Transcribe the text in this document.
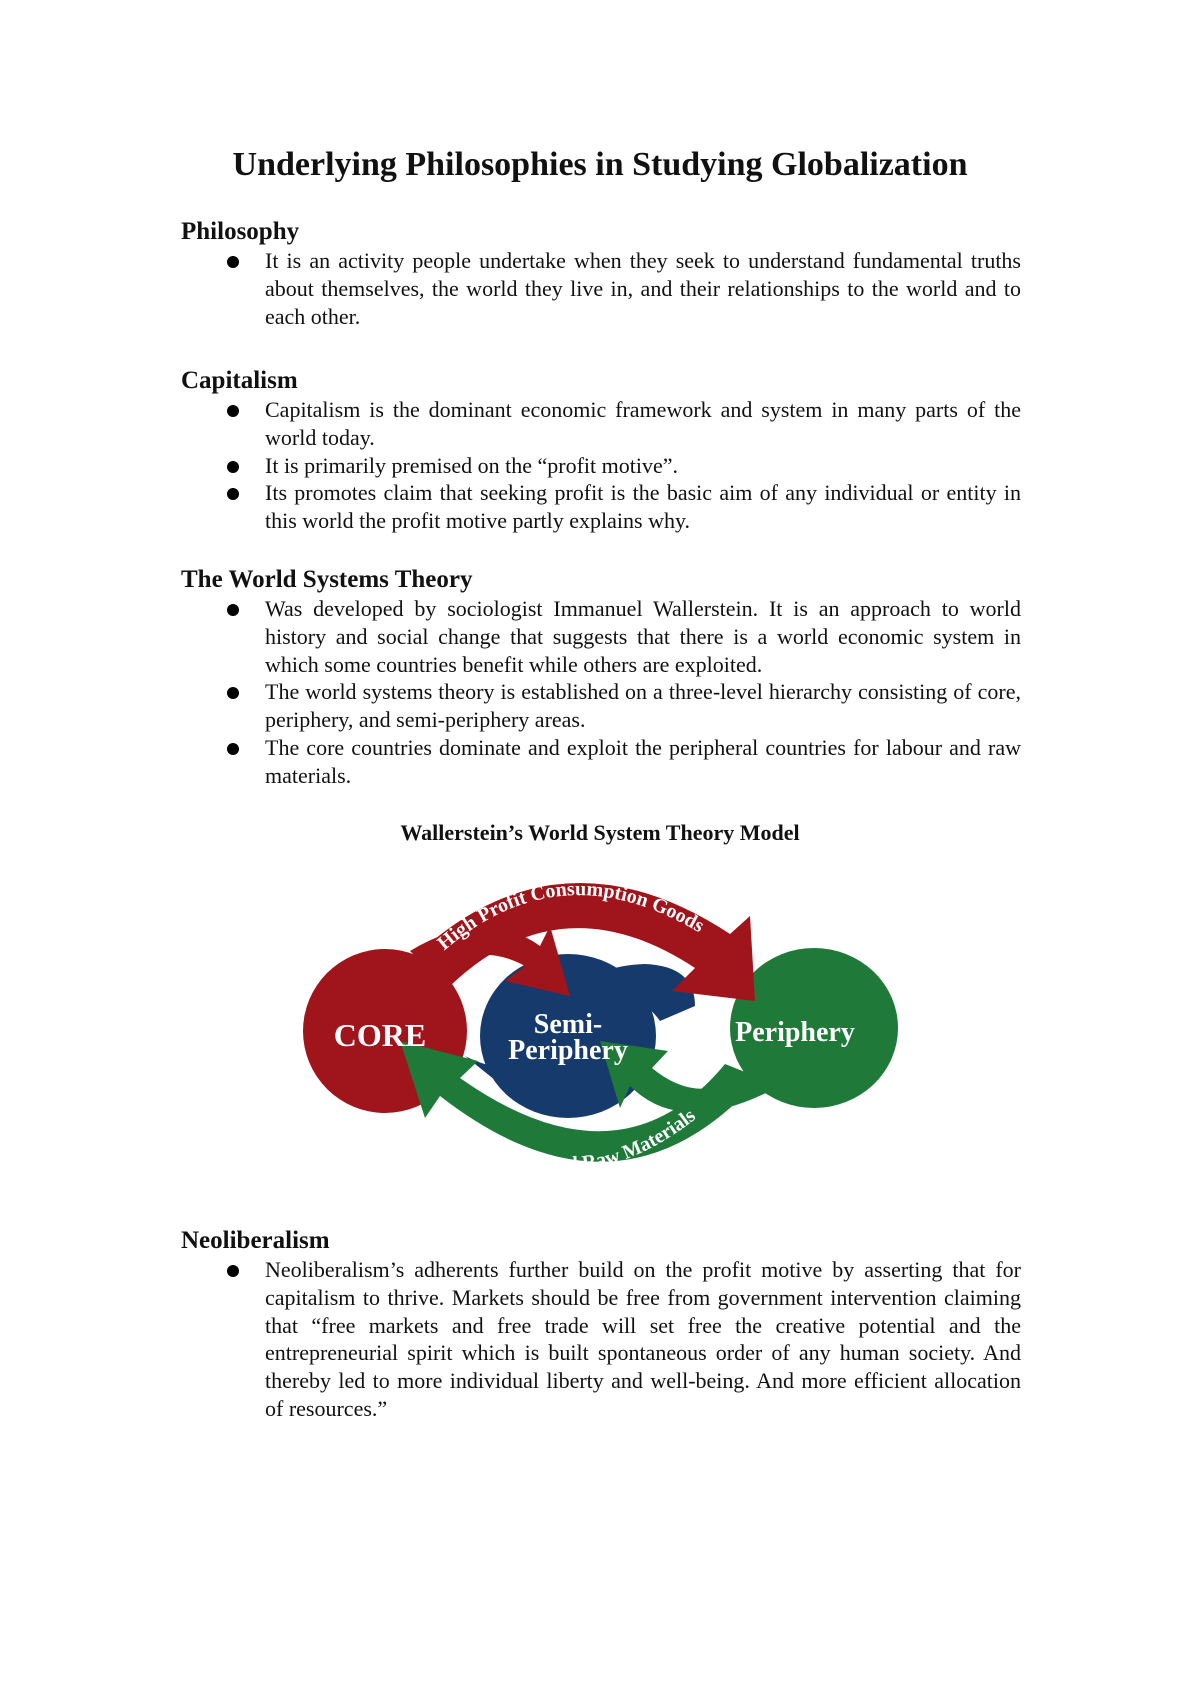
Underlying Philosophies in Studying Globalization
Philosophy
It is an activity people undertake when they seek to understand fundamental truths about themselves, the world they live in, and their relationships to the world and to each other.
Capitalism
Capitalism is the dominant economic framework and system in many parts of the world today.
It is primarily premised on the “profit motive”.
Its promotes claim that seeking profit is the basic aim of any individual or entity in this world the profit motive partly explains why.
The World Systems Theory
Was developed by sociologist Immanuel Wallerstein. It is an approach to world history and social change that suggests that there is a world economic system in which some countries benefit while others are exploited.
The world systems theory is established on a three-level hierarchy consisting of core, periphery, and semi-periphery areas.
The core countries dominate and exploit the peripheral countries for labour and raw materials.
Wallerstein’s World System Theory Model
High Profit Consumption Goods
Cheap Labor and Raw Materials
CORE	Semi-
Periphery
Periphery
Neoliberalism
Neoliberalism’s adherents further build on the profit motive by asserting that for capitalism to thrive. Markets should be free from government intervention claiming that “free markets and free trade will set free the creative potential and the entrepreneurial spirit which is built spontaneous order of any human society. And thereby led to more individual liberty and well-being. And more efficient allocation of resources.”
